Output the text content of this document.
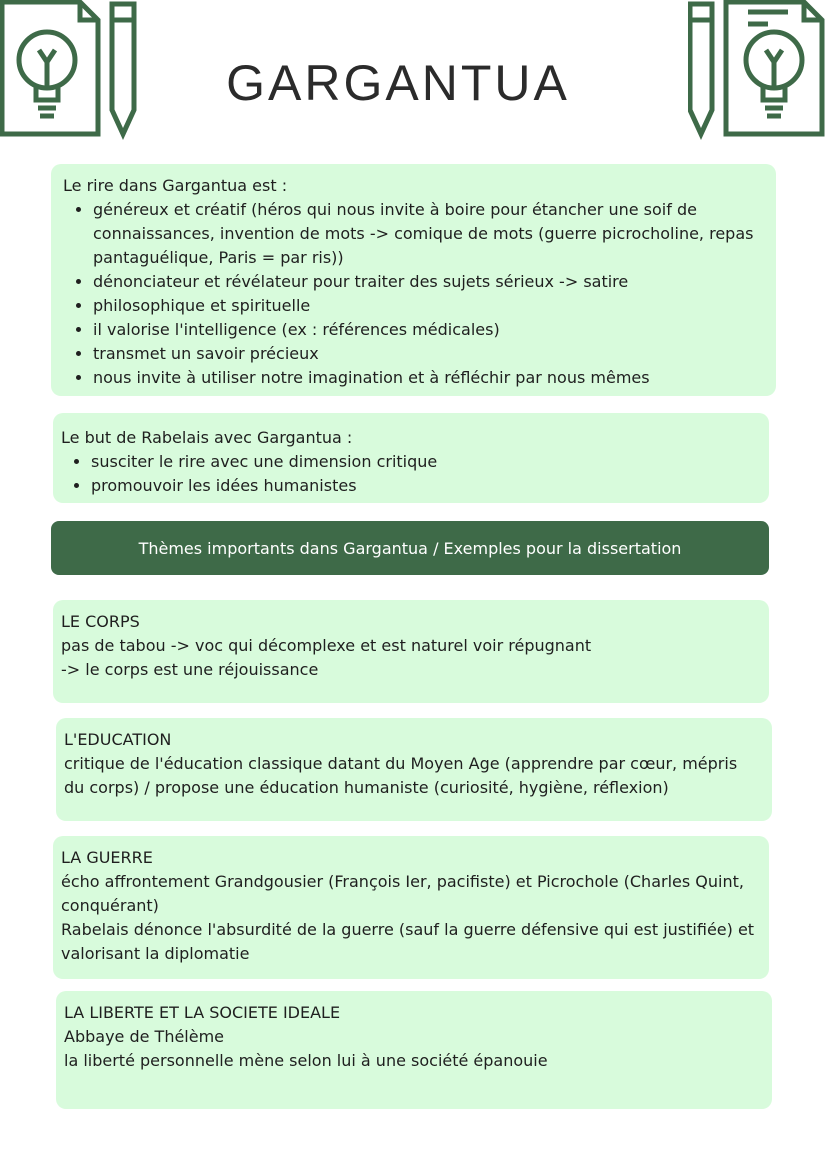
GARGANTUA
Le rire dans Gargantua est :
• généreux et créatif (héros qui nous invite à boire pour étancher une soif de connaissances, invention de mots -> comique de mots (guerre picrocholine, repas pantaguélique, Paris = par ris))
• dénonciateur et révélateur pour traiter des sujets sérieux -> satire
• philosophique et spirituelle
• il valorise l'intelligence (ex : références médicales)
• transmet un savoir précieux
• nous invite à utiliser notre imagination et à réfléchir par nous mêmes
Le but de Rabelais avec Gargantua :
• susciter le rire avec une dimension critique
• promouvoir les idées humanistes
Thèmes importants dans Gargantua / Exemples pour la dissertation
LE CORPS
pas de tabou -> voc qui décomplexe et est naturel voir répugnant
-> le corps est une réjouissance
L'EDUCATION
critique de l'éducation classique datant du Moyen Age (apprendre par cœur, mépris du corps) / propose une éducation humaniste (curiosité, hygiène, réflexion)
LA GUERRE
écho affrontement Grandgousier (François Ier, pacifiste) et Picrochole (Charles Quint, conquérant)
Rabelais dénonce l'absurdité de la guerre (sauf la guerre défensive qui est justifiée) et valorisant la diplomatie
LA LIBERTE ET LA SOCIETE IDEALE
Abbaye de Thélème
la liberté personnelle mène selon lui à une société épanouie
